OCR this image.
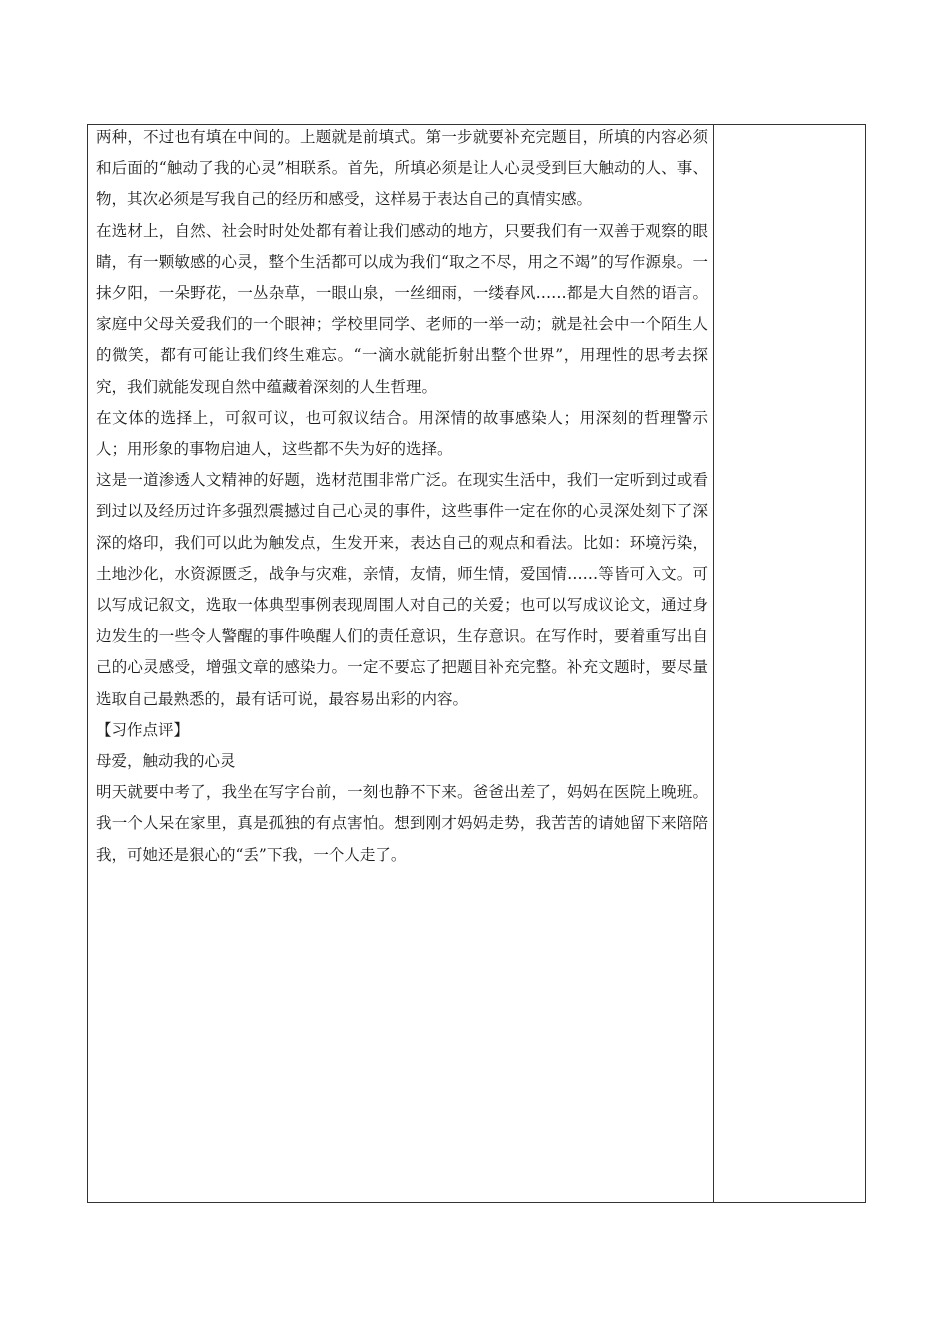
两种，不过也有填在中间的。上题就是前填式。第一步就要补充完题目，所填的内容必须和后面的“触动了我的心灵”相联系。首先，所填必须是让人心灵受到巨大触动的人、事、物，其次必须是写我自己的经历和感受，这样易于表达自己的真情实感。

在选材上，自然、社会时时处处都有着让我们感动的地方，只要我们有一双善于观察的眼睛，有一颗敏感的心灵，整个生活都可以成为我们“取之不尽，用之不竭”的写作源泉。一抹夕阳，一朵野花，一丛杂草，一眼山泉，一丝细雨，一缕春风……都是大自然的语言。家庭中父母关爱我们的一个眼神；学校里同学、老师的一举一动；就是社会中一个陌生人的微笑，都有可能让我们终生难忘。“一滴水就能折射出整个世界”，用理性的思考去探究，我们就能发现自然中蕴藏着深刻的人生哲理。

在文体的选择上，可叙可议，也可叙议结合。用深情的故事感染人；用深刻的哲理警示人；用形象的事物启迪人，这些都不失为好的选择。

这是一道渗透人文精神的好题，选材范围非常广泛。在现实生活中，我们一定听到过或看到过以及经历过许多强烈震撼过自己心灵的事件，这些事件一定在你的心灵深处刻下了深深的烙印，我们可以此为触发点，生发开来，表达自己的观点和看法。比如：环境污染，土地沙化，水资源匮乏，战争与灾难，亲情，友情，师生情，爱国情……等皆可入文。可以写成记叙文，选取一体典型事例表现周围人对自己的关爱；也可以写成议论文，通过身边发生的一些令人警醒的事件唤醒人们的责任意识，生存意识。在写作时，要着重写出自己的心灵感受，增强文章的感染力。一定不要忘了把题目补充完整。补充文题时，要尽量选取自己最熟悉的，最有话可说，最容易出彩的内容。

【习作点评】

母爱，触动我的心灵

明天就要中考了，我坐在写字台前，一刻也静不下来。爸爸出差了，妈妈在医院上晚班。我一个人呆在家里，真是孤独的有点害怕。想到刚才妈妈走势，我苦苦的请她留下来陪陪我，可她还是狠心的“丢”下我，一个人走了。
